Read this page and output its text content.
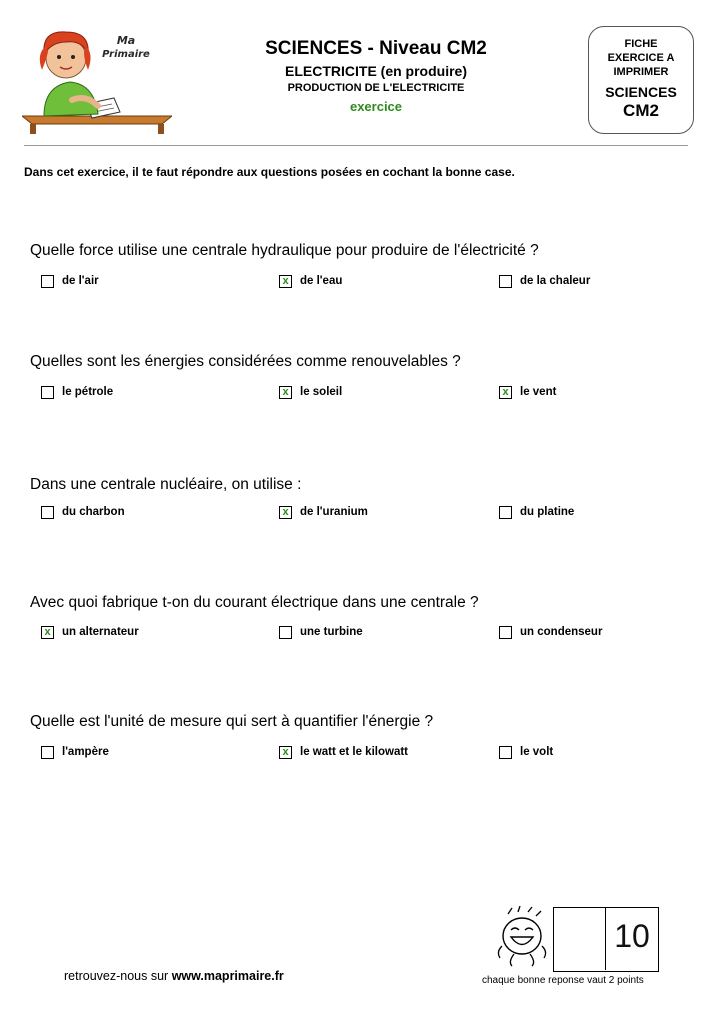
Ma
Primaire	SCIENCES - Niveau CM2
ELECTRICITE (en produire)
PRODUCTION DE L'ELECTRICITE
exercice
FICHE
EXERCICE A
IMPRIMER
SCIENCES
CM2
Dans cet exercice, il te faut répondre aux questions posées en cochant la bonne case.
Quelle force utilise une centrale hydraulique pour produire de l'électricité ?
de l'air	x de l'eau	de la chaleur
Quelles sont les énergies considérées comme renouvelables ?
le pétrole	x le soleil	x le vent
Dans une centrale nucléaire, on utilise :
du charbon	x de l'uranium	du platine
Avec quoi fabrique t-on du courant électrique dans une centrale ?
x un alternateur	une turbine	un condenseur
Quelle est l'unité de mesure qui sert à quantifier l'énergie ?
l'ampère	x le watt et le kilowatt	le volt
retrouvez-nous sur www.maprimaire.fr
10
chaque bonne reponse vaut 2 points
